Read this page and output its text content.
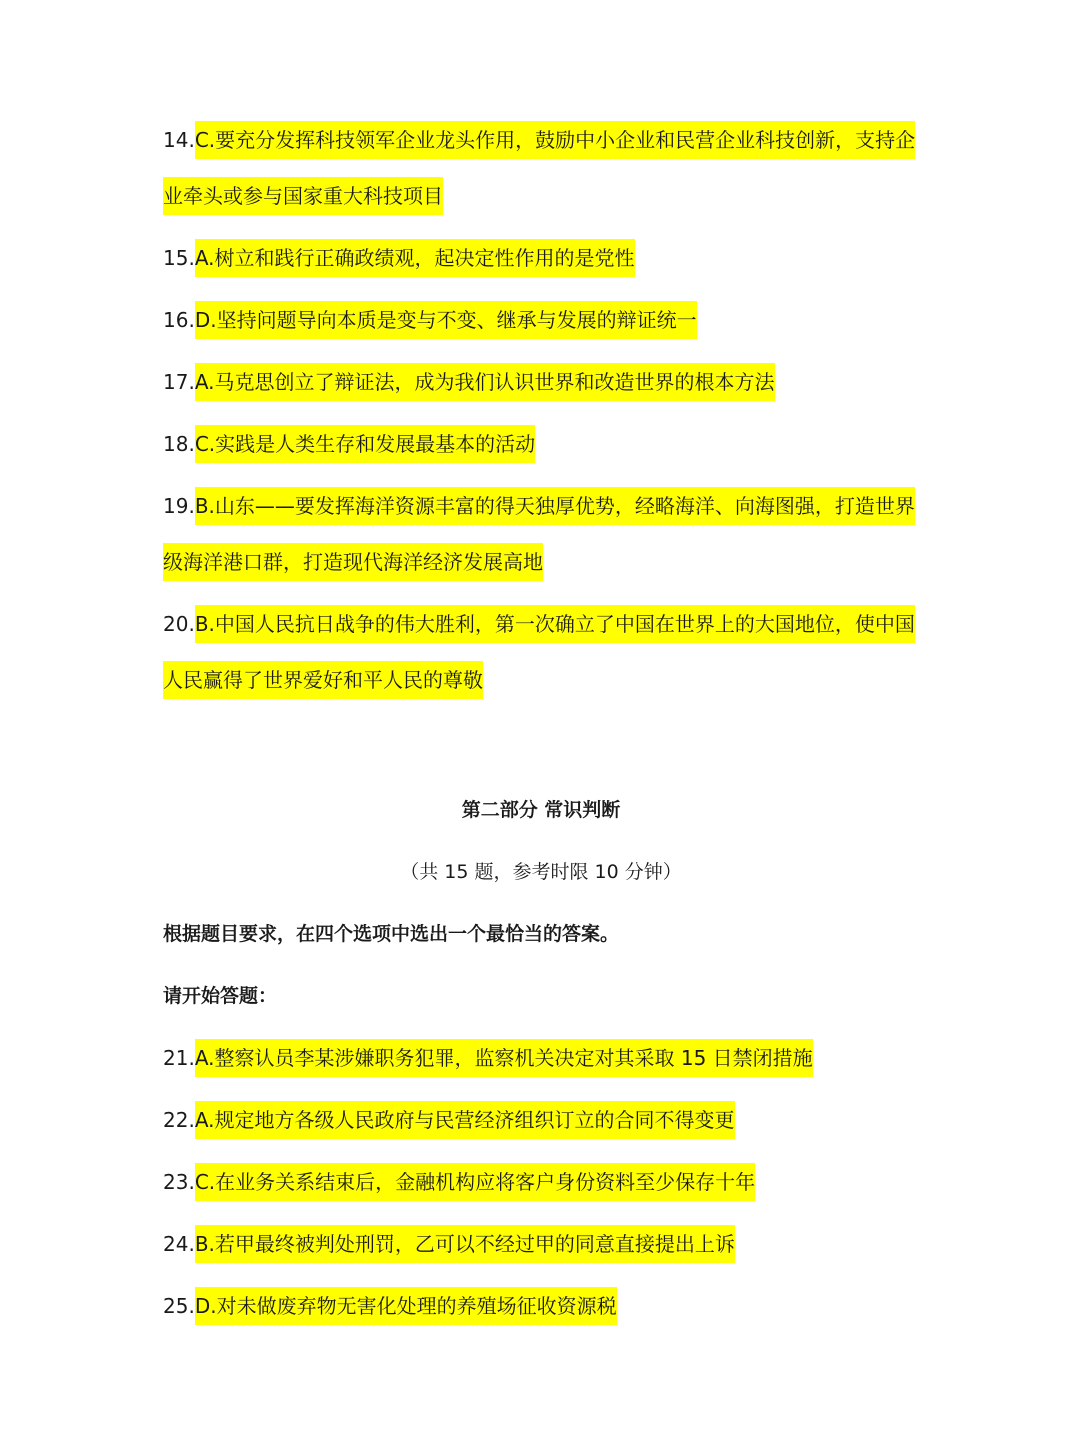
14.C.要充分发挥科技领军企业龙头作用，鼓励中小企业和民营企业科技创新，支持企业牵头或参与国家重大科技项目

15.A.树立和践行正确政绩观，起决定性作用的是党性

16.D.坚持问题导向本质是变与不变、继承与发展的辩证统一

17.A.马克思创立了辩证法，成为我们认识世界和改造世界的根本方法

18.C.实践是人类生存和发展最基本的活动

19.B.山东——要发挥海洋资源丰富的得天独厚优势，经略海洋、向海图强，打造世界级海洋港口群，打造现代海洋经济发展高地

20.B.中国人民抗日战争的伟大胜利，第一次确立了中国在世界上的大国地位，使中国人民赢得了世界爱好和平人民的尊敬

第二部分 常识判断

（共 15 题，参考时限 10 分钟）

根据题目要求，在四个选项中选出一个最恰当的答案。

请开始答题：

21.A.整察认员李某涉嫌职务犯罪，监察机关决定对其采取 15 日禁闭措施

22.A.规定地方各级人民政府与民营经济组织订立的合同不得变更

23.C.在业务关系结束后，金融机构应将客户身份资料至少保存十年

24.B.若甲最终被判处刑罚，乙可以不经过甲的同意直接提出上诉

25.D.对未做废弃物无害化处理的养殖场征收资源税
